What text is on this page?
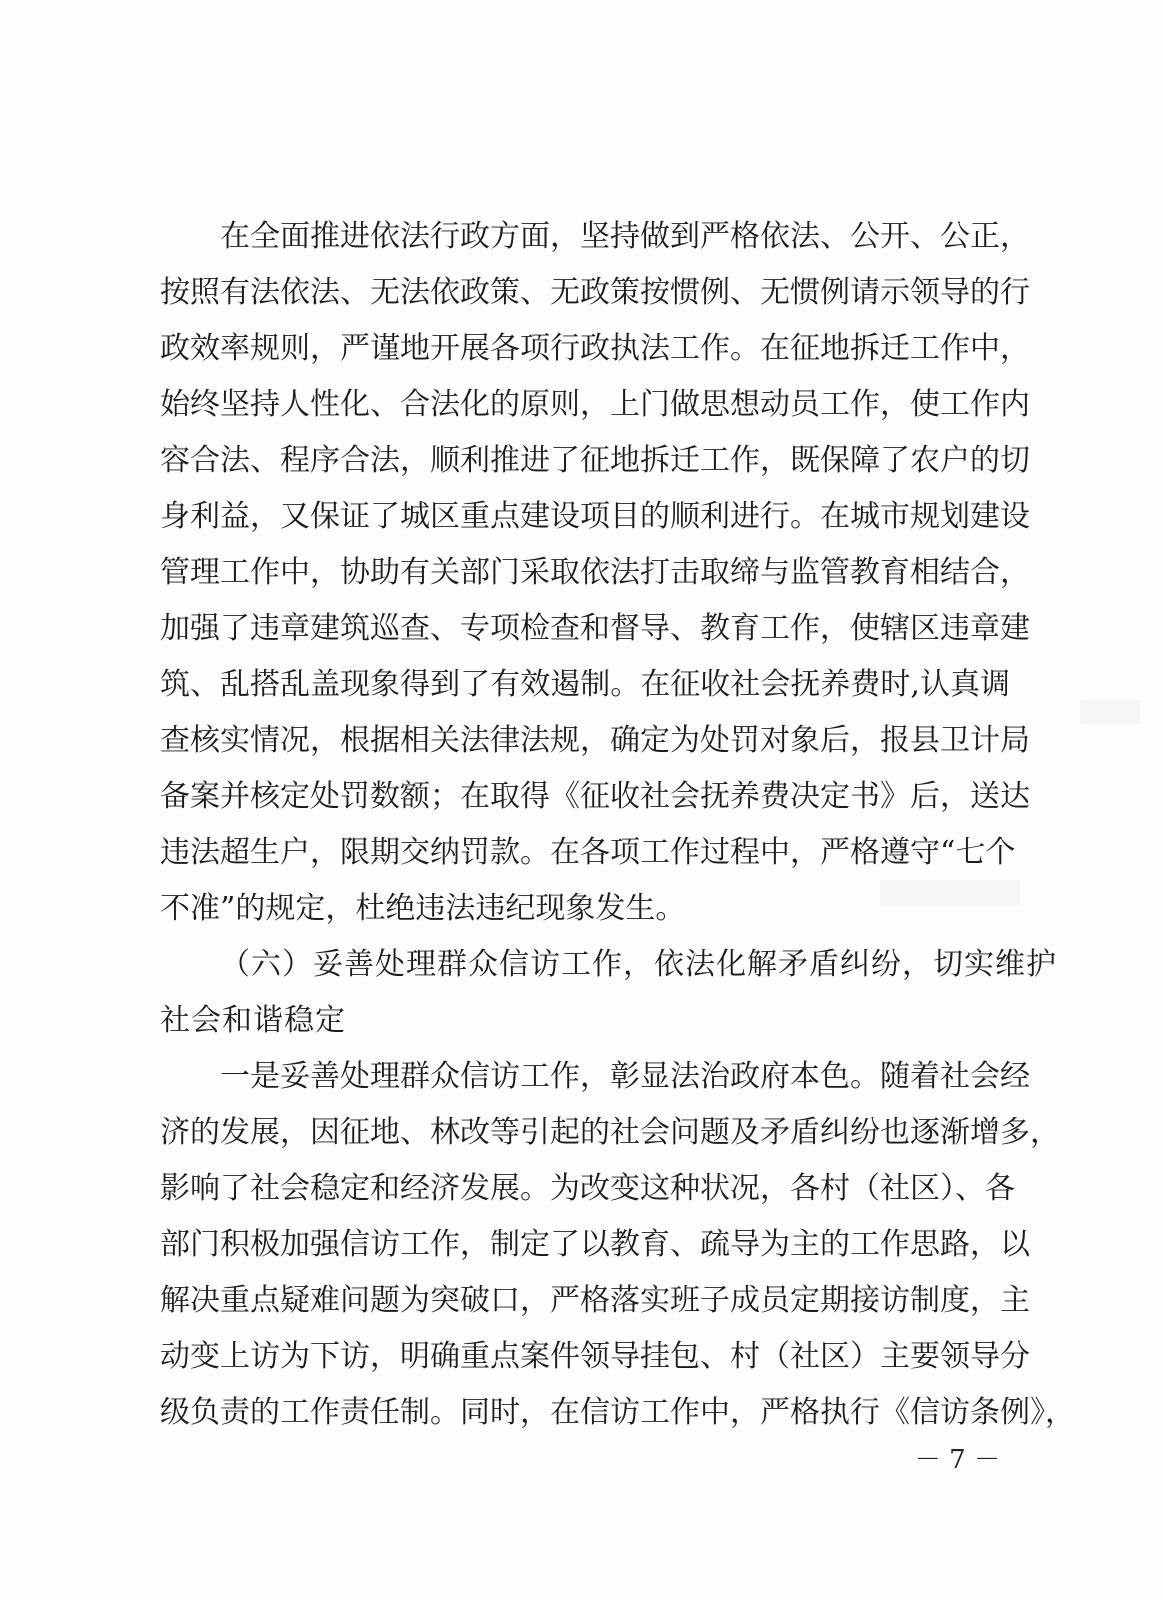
在全面推进依法行政方面，坚持做到严格依法、公开、公正，
按照有法依法、无法依政策、无政策按惯例、无惯例请示领导的行
政效率规则，严谨地开展各项行政执法工作。在征地拆迁工作中，
始终坚持人性化、合法化的原则，上门做思想动员工作，使工作内
容合法、程序合法，顺利推进了征地拆迁工作，既保障了农户的切
身利益，又保证了城区重点建设项目的顺利进行。在城市规划建设
管理工作中，协助有关部门采取依法打击取缔与监管教育相结合，
加强了违章建筑巡查、专项检查和督导、教育工作，使辖区违章建
筑、乱搭乱盖现象得到了有效遏制。在征收社会抚养费时,认真调
查核实情况，根据相关法律法规，确定为处罚对象后，报县卫计局
备案并核定处罚数额；在取得《征收社会抚养费决定书》后，送达
违法超生户，限期交纳罚款。在各项工作过程中，严格遵守“七个
不准”的规定，杜绝违法违纪现象发生。
（六）妥善处理群众信访工作，依法化解矛盾纠纷，切实维护
社会和谐稳定
一是妥善处理群众信访工作，彰显法治政府本色。随着社会经
济的发展，因征地、林改等引起的社会问题及矛盾纠纷也逐渐增多，
影响了社会稳定和经济发展。为改变这种状况，各村（社区）、各
部门积极加强信访工作，制定了以教育、疏导为主的工作思路，以
解决重点疑难问题为突破口，严格落实班子成员定期接访制度，主
动变上访为下访，明确重点案件领导挂包、村（社区）主要领导分
级负责的工作责任制。同时，在信访工作中，严格执行《信访条例》，
－ 7 －
